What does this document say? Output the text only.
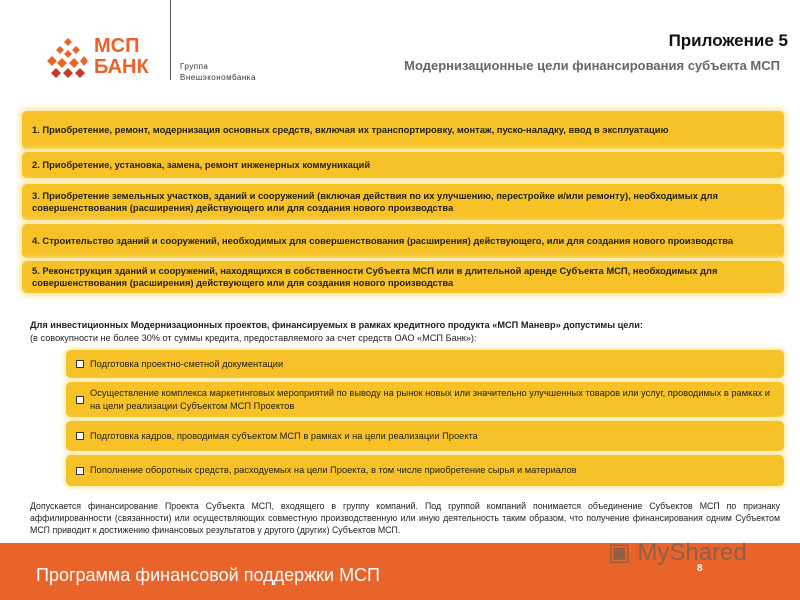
МСП
БАНК	Группа
Внешэкономбанка
Приложение 5
Модернизационные цели финансирования субъекта МСП
1. Приобретение, ремонт, модернизация основных средств, включая их транспортировку, монтаж, пуско-наладку, ввод в эксплуатацию
2. Приобретение, установка, замена, ремонт инженерных коммуникаций
3. Приобретение земельных участков, зданий и сооружений (включая действия по их улучшению, перестройке и/или ремонту), необходимых для совершенствования (расширения) действующего или для создания нового производства
4. Строительство зданий и сооружений, необходимых для совершенствования (расширения) действующего, или для создания нового производства
5. Реконструкция зданий и сооружений, находящихся в собственности Субъекта МСП или в длительной аренде Субъекта МСП, необходимых для совершенствования (расширения) действующего или для создания нового производства
Для инвестиционных Модернизационных проектов, финансируемых в рамках кредитного продукта «МСП Маневр» допустимы цели:
(в совокупности не более 30% от суммы кредита, предоставляемого за счет средств ОАО «МСП Банк»):
Подготовка проектно-сметной документации
Осуществление комплекса маркетинговых мероприятий по выводу на рынок новых или значительно улучшенных товаров или услуг, проводимых в рамках и на цели реализации Субъектом МСП Проектов
Подготовка кадров, проводимая субъектом МСП в рамках и на цели реализации Проекта
Пополнение оборотных средств, расходуемых на цели Проекта, в том числе приобретение сырья и материалов
Допускается финансирование Проекта Субъекта МСП, входящего в группу компаний. Под группой компаний понимается объединение Субъектов МСП по признаку аффилированности (связанности) или осуществляющих совместную производственную или иную деятельность таким образом, что получение финансирования одним Субъектом МСП приводит к достижению финансовых результатов у другого (других) Субъектов МСП.
Программа финансовой поддержки МСП
▣ MyShared
8
